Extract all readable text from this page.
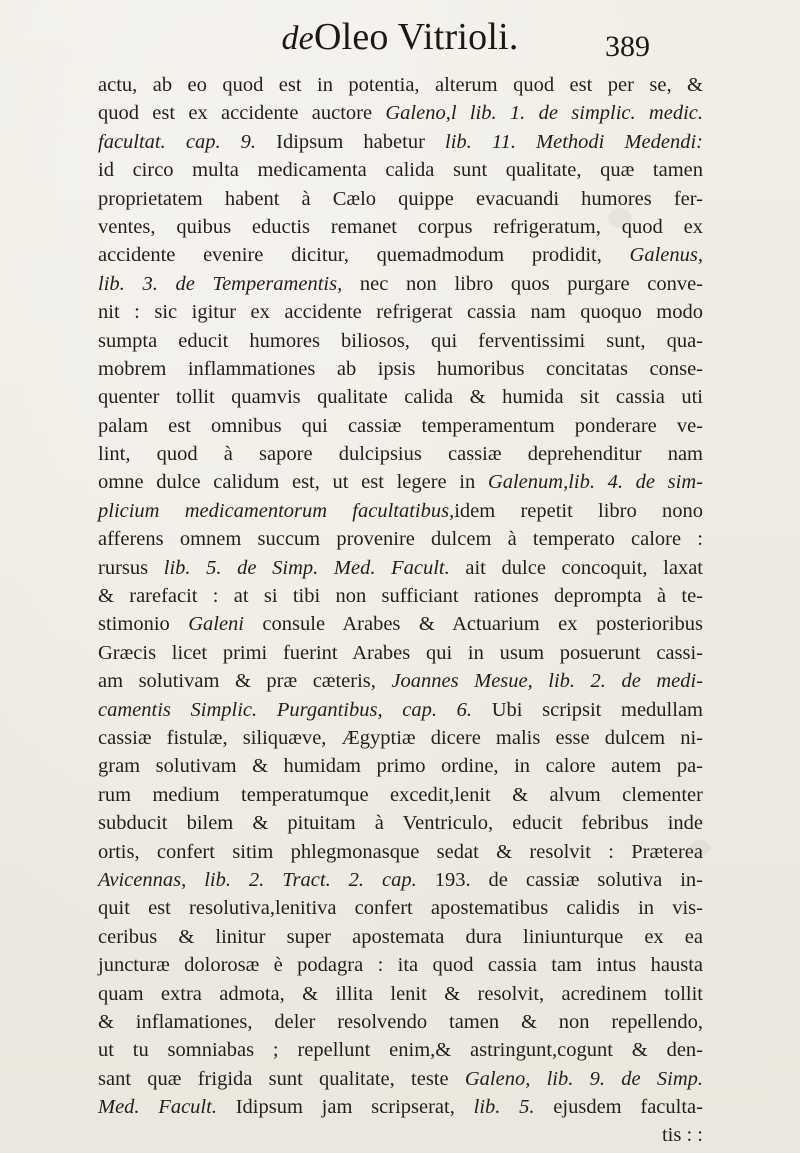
deOleo Vitrioli.	389
actu, ab eo quod est in potentia, alterum quod est per se, &
quod est ex accidente auctore Galeno,l lib. 1. de simplic. medic.
facultat. cap. 9. Idipsum habetur lib. 11. Methodi Medendi:
id circo multa medicamenta calida sunt qualitate, quæ tamen
proprietatem habent à Cælo quippe evacuandi humores fer-
ventes, quibus eductis remanet corpus refrigeratum, quod ex
accidente evenire dicitur, quemadmodum prodidit, Galenus,
lib. 3. de Temperamentis, nec non libro quos purgare conve-
nit : sic igitur ex accidente refrigerat cassia nam quoquo modo
sumpta educit humores biliosos, qui ferventissimi sunt, qua-
mobrem inflammationes ab ipsis humoribus concitatas conse-
quenter tollit quamvis qualitate calida & humida sit cassia uti
palam est omnibus qui cassiæ temperamentum ponderare ve-
lint, quod à sapore dulcipsius cassiæ deprehenditur nam
omne dulce calidum est, ut est legere in Galenum,lib. 4. de sim-
plicium medicamentorum facultatibus,idem repetit libro nono
afferens omnem succum provenire dulcem à temperato calore :
rursus lib. 5. de Simp. Med. Facult. ait dulce concoquit, laxat
& rarefacit : at si tibi non sufficiant rationes deprompta à te-
stimonio Galeni consule Arabes & Actuarium ex posterioribus
Græcis licet primi fuerint Arabes qui in usum posuerunt cassi-
am solutivam & præ cæteris, Joannes Mesue, lib. 2. de medi-
camentis Simplic. Purgantibus, cap. 6. Ubi scripsit medullam
cassiæ fistulæ, siliquæve, Ægyptiæ dicere malis esse dulcem ni-
gram solutivam & humidam primo ordine, in calore autem pa-
rum medium temperatumque excedit,lenit & alvum clementer
subducit bilem & pituitam à Ventriculo, educit febribus inde
ortis, confert sitim phlegmonasque sedat & resolvit : Præterea
Avicennas, lib. 2. Tract. 2. cap. 193. de cassiæ solutiva in-
quit est resolutiva,lenitiva confert apostematibus calidis in vis-
ceribus & linitur super apostemata dura liniunturque ex ea
juncturæ dolorosæ è podagra : ita quod cassia tam intus hausta
quam extra admota, & illita lenit & resolvit, acredinem tollit
& inflamationes, deler resolvendo tamen & non repellendo,
ut tu somniabas ; repellunt enim,& astringunt,cogunt & den-
sant quæ frigida sunt qualitate, teste Galeno, lib. 9. de Simp.
Med. Facult. Idipsum jam scripserat, lib. 5. ejusdem faculta-
tis : :
